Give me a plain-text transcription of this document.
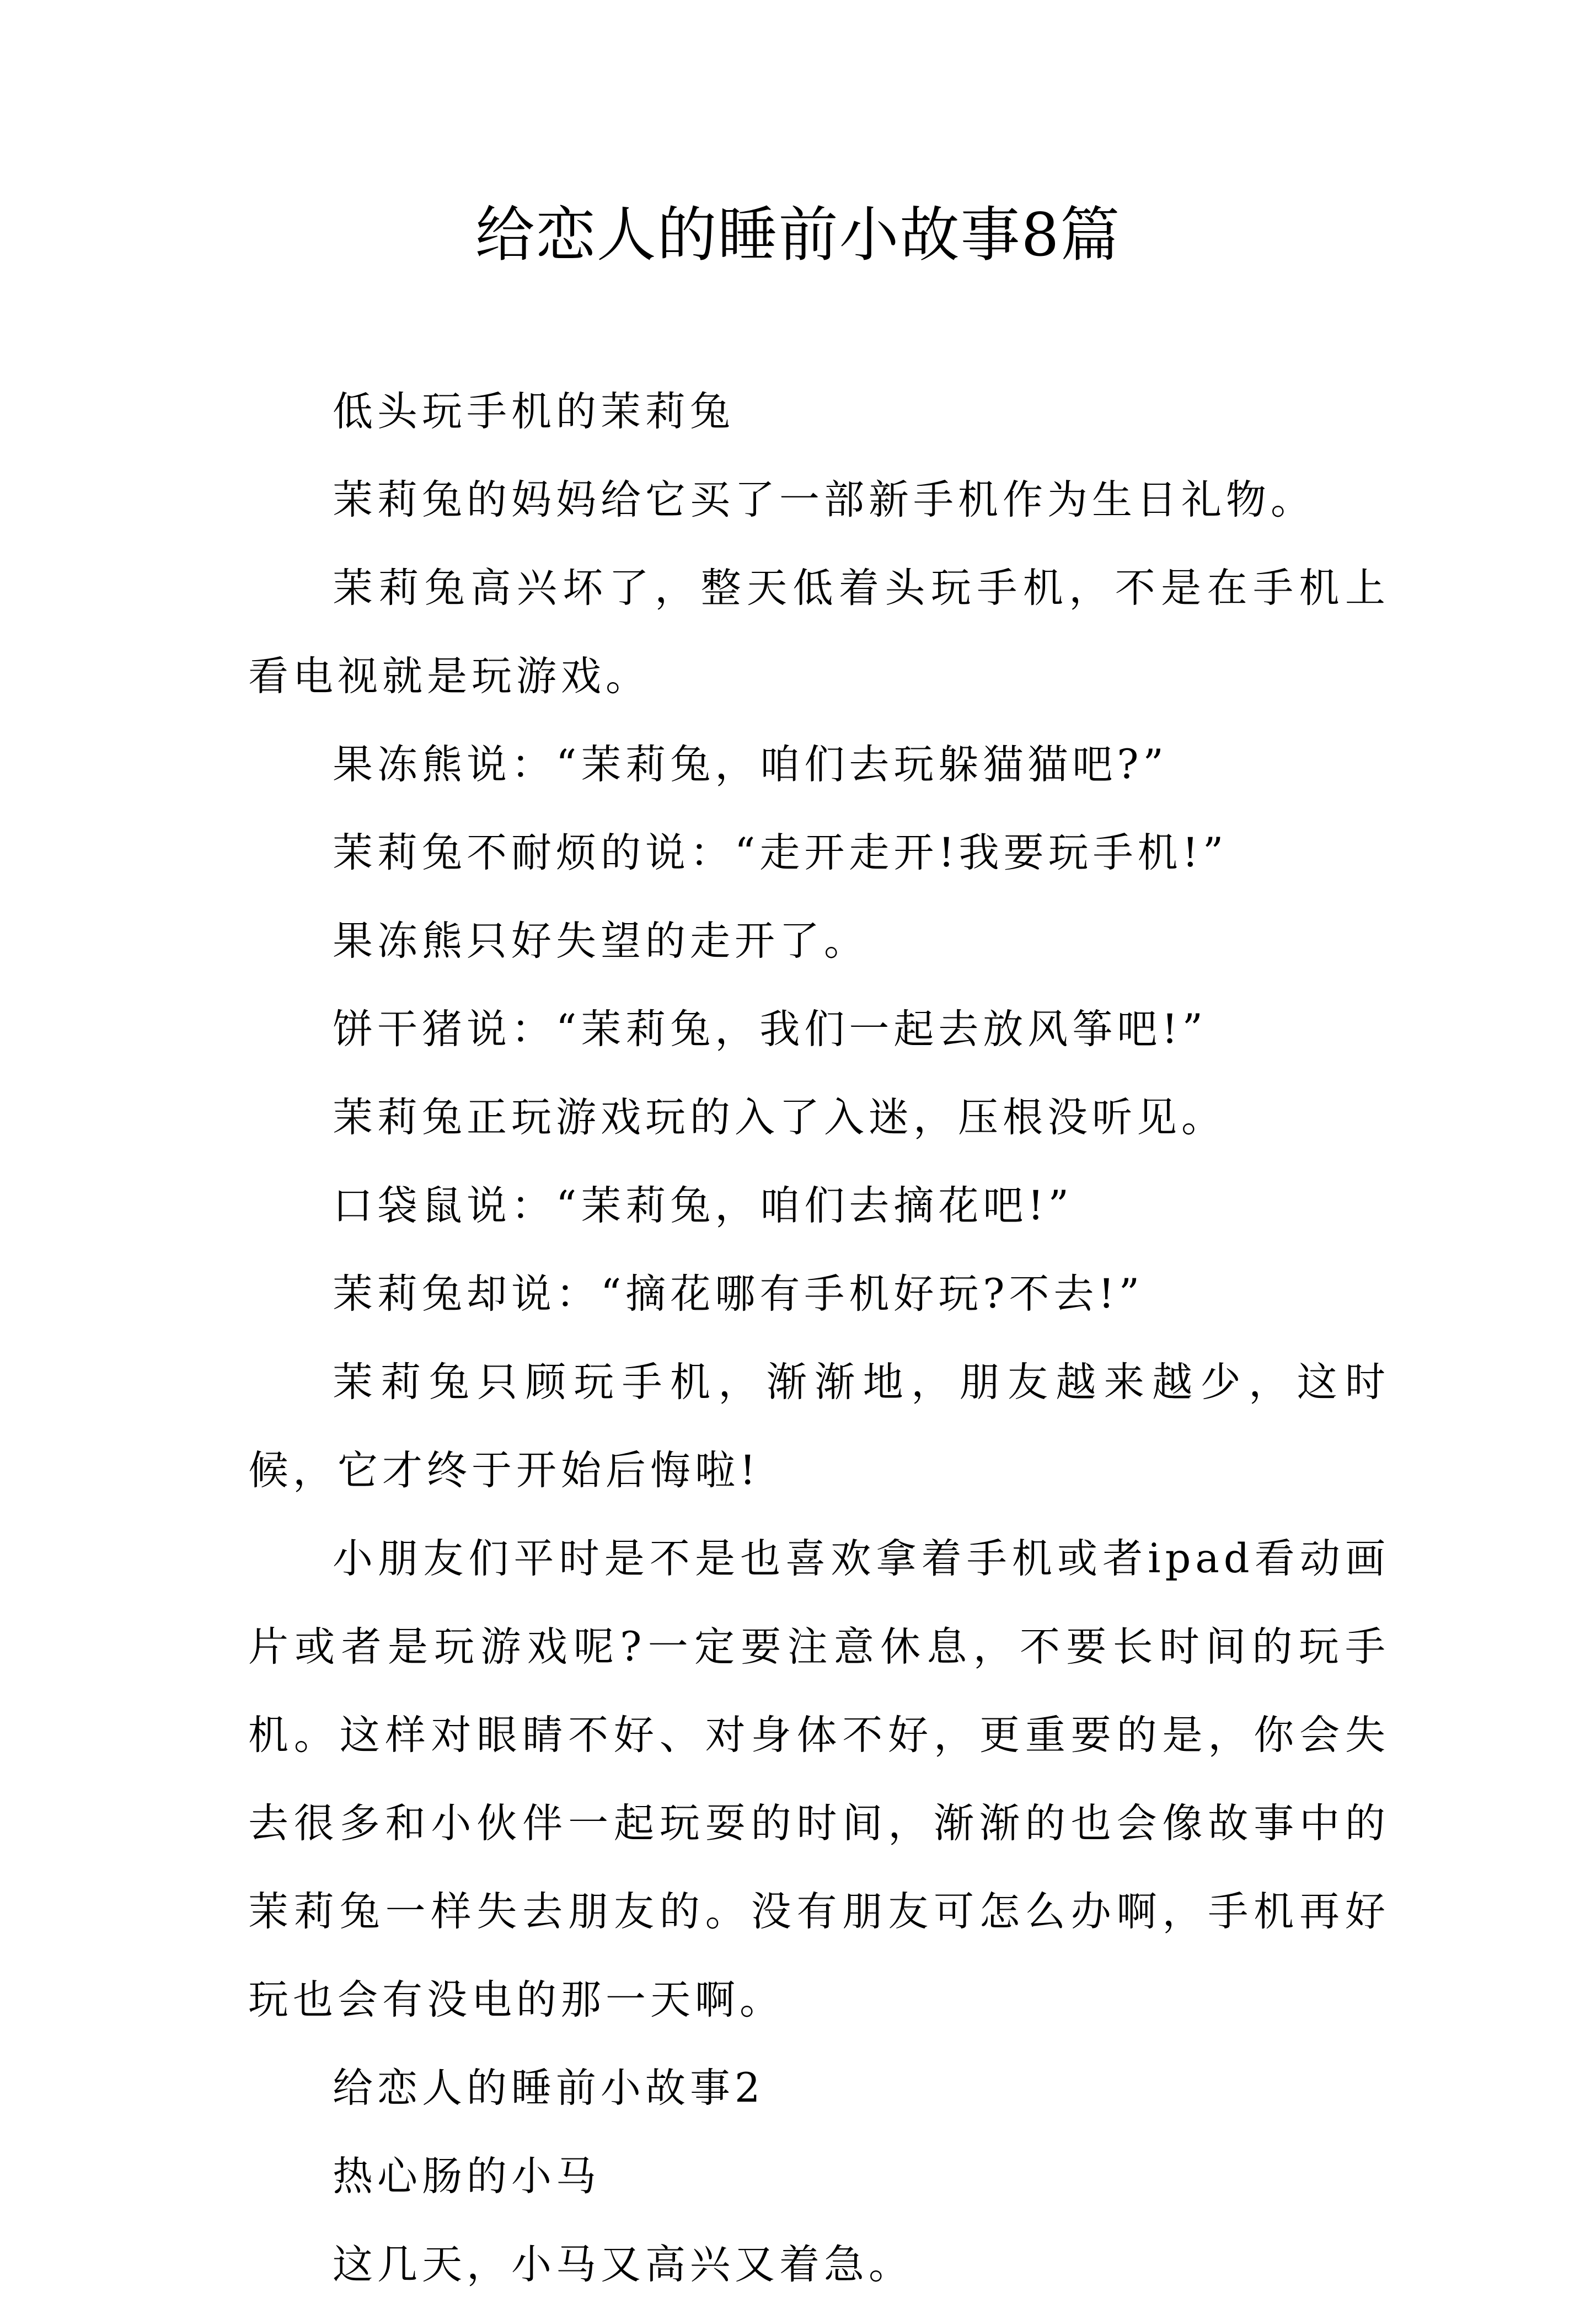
给恋人的睡前小故事8篇

低头玩手机的茉莉兔

茉莉兔的妈妈给它买了一部新手机作为生日礼物。

茉莉兔高兴坏了，整天低着头玩手机，不是在手机上看电视就是玩游戏。

果冻熊说：“茉莉兔，咱们去玩躲猫猫吧?”

茉莉兔不耐烦的说：“走开走开!我要玩手机!”

果冻熊只好失望的走开了。

饼干猪说：“茉莉兔，我们一起去放风筝吧!”

茉莉兔正玩游戏玩的入了入迷，压根没听见。

口袋鼠说：“茉莉兔，咱们去摘花吧!”

茉莉兔却说：“摘花哪有手机好玩?不去!”

茉莉兔只顾玩手机，渐渐地，朋友越来越少，这时候，它才终于开始后悔啦!

小朋友们平时是不是也喜欢拿着手机或者ipad看动画片或者是玩游戏呢?一定要注意休息，不要长时间的玩手机。这样对眼睛不好、对身体不好，更重要的是，你会失去很多和小伙伴一起玩耍的时间，渐渐的也会像故事中的茉莉兔一样失去朋友的。没有朋友可怎么办啊，手机再好玩也会有没电的那一天啊。

给恋人的睡前小故事2

热心肠的小马

这几天，小马又高兴又着急。
